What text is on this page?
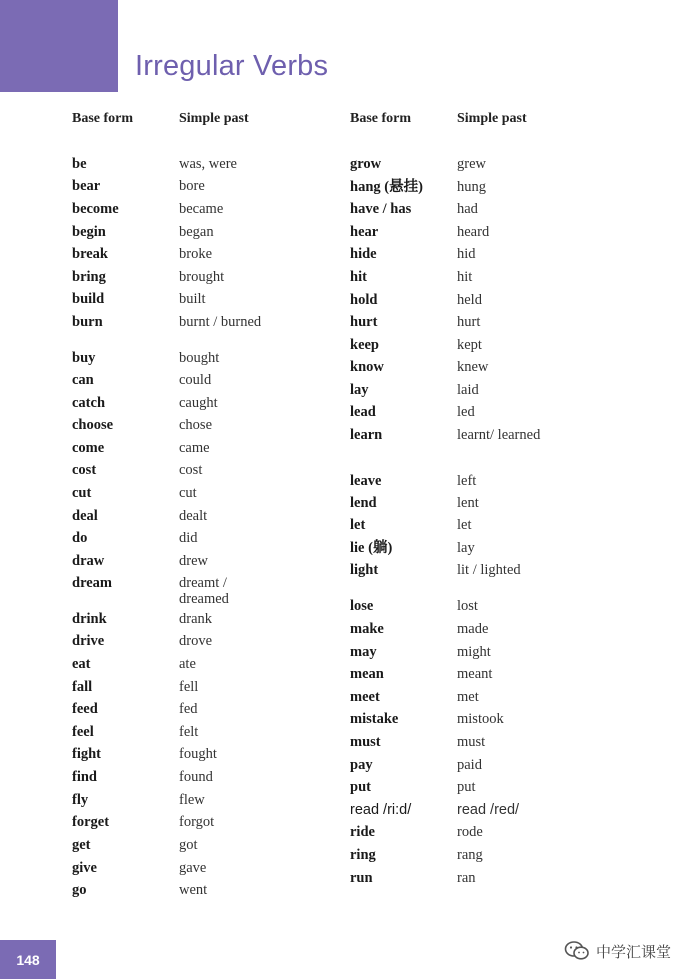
Irregular Verbs
Base form	Simple past	Base form	Simple past
be	was, were
bear	bore
become	became
begin	began
break	broke
bring	brought
build	built
burn	burnt / burned
buy	bought
can	could
catch	caught
choose	chose
come	came
cost	cost
cut	cut
deal	dealt
do	did
draw	drew
dream	dreamt / dreamed
drink	drank
drive	drove
eat	ate
fall	fell
feed	fed
feel	felt
fight	fought
find	found
fly	flew
forget	forgot
get	got
give	gave
go	went
grow	grew
hang (悬挂) hung
have / has	had
hear	heard
hide	hid
hit	hit
hold	held
hurt	hurt
keep	kept
know	knew
lay	laid
lead	led
learn	learnt/ learned
leave	left
lend	lent
let	let
lie (躺)	lay
light	lit / lighted
lose	lost
make	made
may	might
mean	meant
meet	met
mistake	mistook
must	must
pay	paid
put	put
read /ri:d/	read /red/
ride	rode
ring	rang
run	ran
148	中学汇课堂
